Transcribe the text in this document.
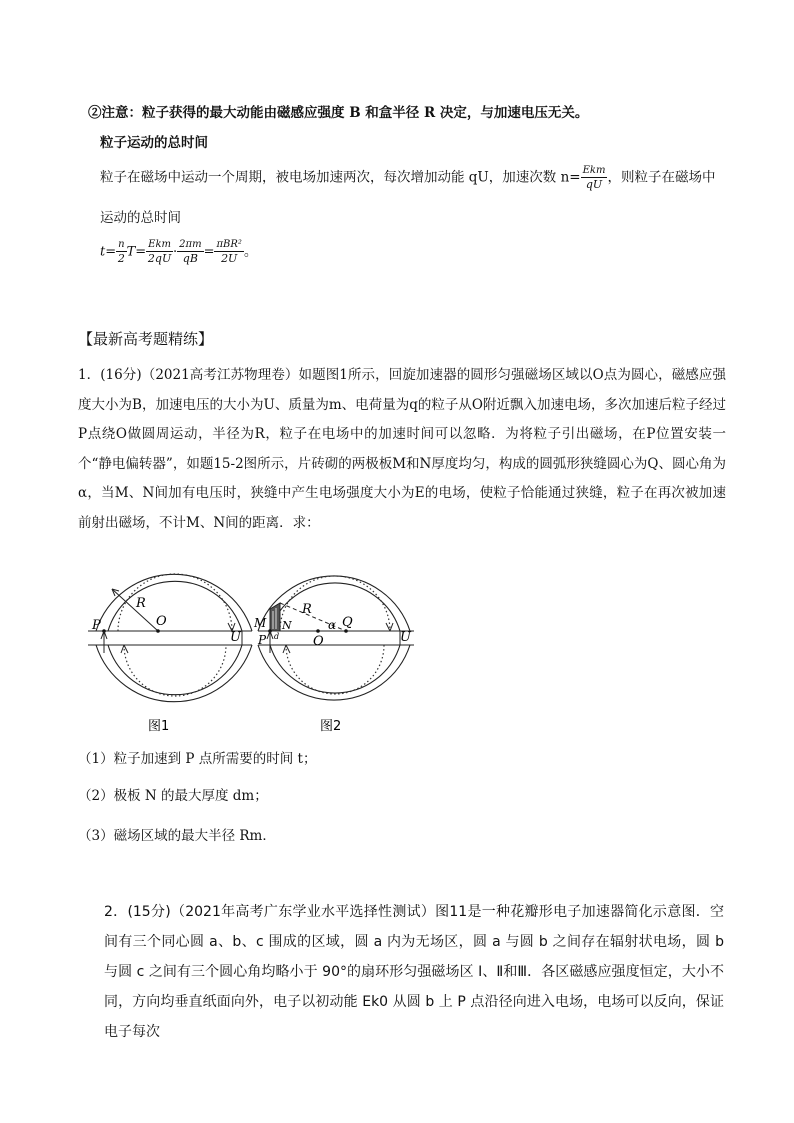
②注意：粒子获得的最大动能由磁感应强度 B 和盒半径 R 决定，与加速电压无关。
粒子运动的总时间
粒子在磁场中运动一个周期，被电场加速两次，每次增加动能 qU，加速次数 $n= \frac{\text{Ekm}}{qU}$ ，则粒子在磁场中
运动的总时间
$t= \frac{n}{2} T= \frac{\text{Ekm}}{2qU} \cdot \frac{2\pi m}{qB} = \frac{\text{πBR²}}{2U}$ 。
【最新高考题精练】
1．(16分)（2021高考江苏物理卷）如题图1所示，回旋加速器的圆形匀强磁场区域以O点为圆心，磁感应强度大小为B，加速电压的大小为U、质量为m、电荷量为q的粒子从O附近飘入加速电场，多次加速后粒子经过P点绕O做圆周运动，半径为R，粒子在电场中的加速时间可以忽略．为将粒子引出磁场，在P位置安装一个“静电偏转器”，如题15-2图所示，片砖砌的两极板M和N厚度均匀，构成的圆弧形狭缝圆心为Q、圆心角为α，当M、N间加有电压时，狭缝中产生电场强度大小为E的电场，使粒子恰能通过狭缝，粒子在再次被加速前射出磁场，不计M、N间的距离．求：
R
P	O
U
图1
R
M N
P d
α Q
O	U
图2
（1）粒子加速到 P 点所需要的时间 t；
（2）极板 N 的最大厚度 dm；
（3）磁场区域的最大半径 Rm．
2．(15分)（2021年高考广东学业水平选择性测试）图11是一种花瓣形电子加速器简化示意图．空间有三个同心圆 a、b、c 围成的区域，圆 a 内为无场区，圆 a 与圆 b 之间存在辐射状电场，圆 b 与圆 c 之间有三个圆心角均略小于 90°的扇环形匀强磁场区 Ⅰ、Ⅱ和Ⅲ．各区磁感应强度恒定，大小不同，方向均垂直纸面向外，电子以初动能 Ek0 从圆 b 上 P 点沿径向进入电场，电场可以反向，保证电子每次
